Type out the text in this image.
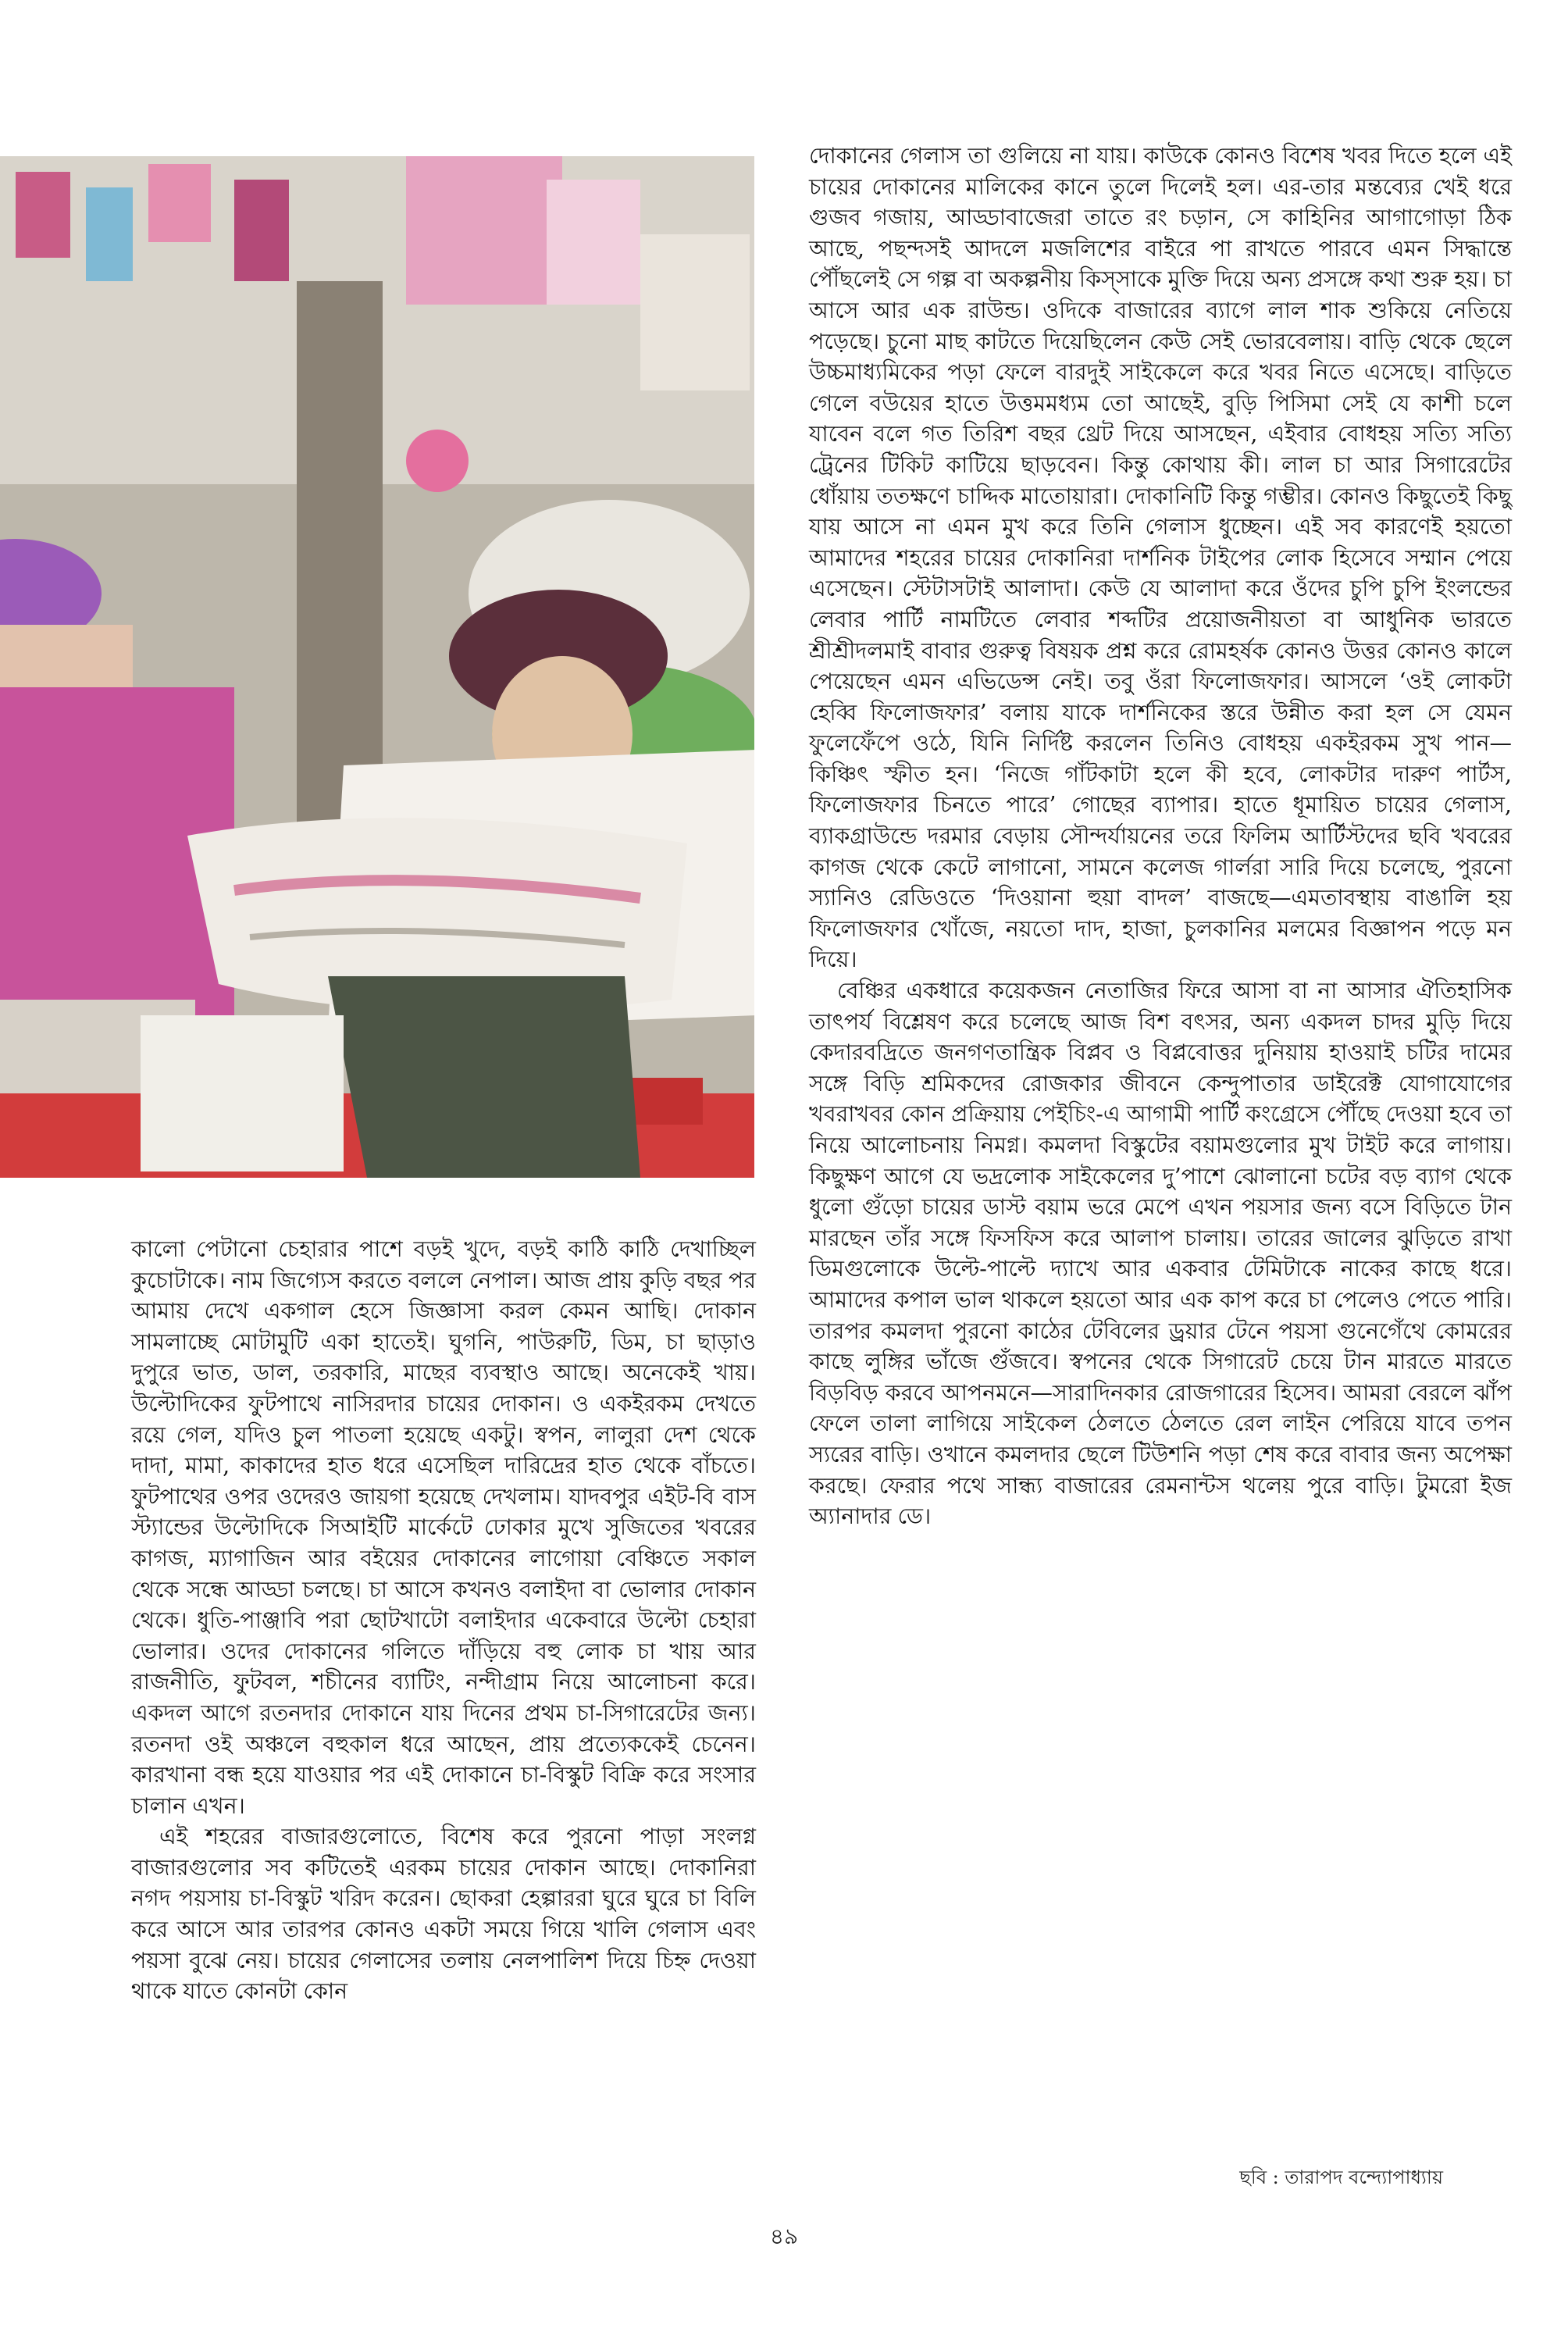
দোকানের গেলাস তা গুলিয়ে না যায়। কাউকে কোনও বিশেষ খবর দিতে হলে এই চায়ের দোকানের মালিকের কানে তুলে দিলেই হল। এর-তার মন্তব্যের খেই ধরে গুজব গজায়, আড্ডাবাজেরা তাতে রং চড়ান, সে কাহিনির আগাগোড়া ঠিক আছে, পছন্দসই আদলে মজলিশের বাইরে পা রাখতে পারবে এমন সিদ্ধান্তে পৌঁছলেই সে গল্প বা অকল্পনীয় কিস্‌সাকে মুক্তি দিয়ে অন্য প্রসঙ্গে কথা শুরু হয়। চা আসে আর এক রাউন্ড। ওদিকে বাজারের ব্যাগে লাল শাক শুকিয়ে নেতিয়ে পড়েছে। চুনো মাছ কাটতে দিয়েছিলেন কেউ সেই ভোরবেলায়। বাড়ি থেকে ছেলে উচ্চমাধ্যমিকের পড়া ফেলে বারদুই সাইকেলে করে খবর নিতে এসেছে। বাড়িতে গেলে বউয়ের হাতে উত্তমমধ্যম তো আছেই, বুড়ি পিসিমা সেই যে কাশী চলে যাবেন বলে গত তিরিশ বছর থ্রেট দিয়ে আসছেন, এইবার বোধহয় সত্যি সত্যি ট্রেনের টিকিট কাটিয়ে ছাড়বেন। কিন্তু কোথায় কী। লাল চা আর সিগারেটের ধোঁয়ায় ততক্ষণে চাদ্দিক মাতোয়ারা। দোকানিটি কিন্তু গম্ভীর। কোনও কিছুতেই কিছু যায় আসে না এমন মুখ করে তিনি গেলাস ধুচ্ছেন। এই সব কারণেই হয়তো আমাদের শহরের চায়ের দোকানিরা দার্শনিক টাইপের লোক হিসেবে সম্মান পেয়ে এসেছেন। স্টেটাসটাই আলাদা। কেউ যে আলাদা করে ওঁদের চুপি চুপি ইংলন্ডের লেবার পার্টি নামটিতে লেবার শব্দটির প্রয়োজনীয়তা বা আধুনিক ভারতে শ্রীশ্রীদলমাই বাবার গুরুত্ব বিষয়ক প্রশ্ন করে রোমহর্ষক কোনও উত্তর কোনও কালে পেয়েছেন এমন এভিডেন্স নেই। তবু ওঁরা ফিলোজফার। আসলে ‘ওই লোকটা হেব্বি ফিলোজফার’ বলায় যাকে দার্শনিকের স্তরে উন্নীত করা হল সে যেমন ফুলেফেঁপে ওঠে, যিনি নির্দিষ্ট করলেন তিনিও বোধহয় একইরকম সুখ পান—কিঞ্চিৎ স্ফীত হন। ‘নিজে গাঁটকাটা হলে কী হবে, লোকটার দারুণ পার্টস, ফিলোজফার চিনতে পারে’ গোছের ব্যাপার। হাতে ধূমায়িত চায়ের গেলাস, ব্যাকগ্রাউন্ডে দরমার বেড়ায় সৌন্দর্যায়নের তরে ফিলিম আর্টিস্টদের ছবি খবরের কাগজ থেকে কেটে লাগানো, সামনে কলেজ গার্লরা সারি দিয়ে চলেছে, পুরনো স্যানিও রেডিওতে ‘দিওয়ানা হুয়া বাদল’ বাজছে—এমতাবস্থায় বাঙালি হয় ফিলোজফার খোঁজে, নয়তো দাদ, হাজা, চুলকানির মলমের বিজ্ঞাপন পড়ে মন দিয়ে।

বেঞ্চির একধারে কয়েকজন নেতাজির ফিরে আসা বা না আসার ঐতিহাসিক তাৎপর্য বিশ্লেষণ করে চলেছে আজ বিশ বৎসর, অন্য একদল চাদর মুড়ি দিয়ে কেদারবদ্রিতে জনগণতান্ত্রিক বিপ্লব ও বিপ্লবোত্তর দুনিয়ায় হাওয়াই চটির দামের সঙ্গে বিড়ি শ্রমিকদের রোজকার জীবনে কেন্দুপাতার ডাইরেক্ট যোগাযোগের খবরাখবর কোন প্রক্রিয়ায় পেইচিং-এ আগামী পার্টি কংগ্রেসে পৌঁছে দেওয়া হবে তা নিয়ে আলোচনায় নিমগ্ন। কমলদা বিস্কুটের বয়ামগুলোর মুখ টাইট করে লাগায়। কিছুক্ষণ আগে যে ভদ্রলোক সাইকেলের দু’পাশে ঝোলানো চটের বড় ব্যাগ থেকে ধুলো গুঁড়ো চায়ের ডাস্ট বয়াম ভরে মেপে এখন পয়সার জন্য বসে বিড়িতে টান মারছেন তাঁর সঙ্গে ফিসফিস করে আলাপ চালায়। তারের জালের ঝুড়িতে রাখা ডিমগুলোকে উল্টে-পাল্টে দ্যাখে আর একবার টেমিটাকে নাকের কাছে ধরে। আমাদের কপাল ভাল থাকলে হয়তো আর এক কাপ করে চা পেলেও পেতে পারি। তারপর কমলদা পুরনো কাঠের টেবিলের ড্রয়ার টেনে পয়সা গুনেগেঁথে কোমরের কাছে লুঙ্গির ভাঁজে গুঁজবে। স্বপনের থেকে সিগারেট চেয়ে টান মারতে মারতে বিড়বিড় করবে আপনমনে—সারাদিনকার রোজগারের হিসেব। আমরা বেরলে ঝাঁপ ফেলে তালা লাগিয়ে সাইকেল ঠেলতে ঠেলতে রেল লাইন পেরিয়ে যাবে তপন স্যরের বাড়ি। ওখানে কমলদার ছেলে টিউশনি পড়া শেষ করে বাবার জন্য অপেক্ষা করছে। ফেরার পথে সান্ধ্য বাজারের রেমনান্টস থলেয় পুরে বাড়ি। টুমরো ইজ অ্যানাদার ডে।

কালো পেটানো চেহারার পাশে বড়ই খুদে, বড়ই কাঠি কাঠি দেখাচ্ছিল কুচোটাকে। নাম জিগ্যেস করতে বললে নেপাল। আজ প্রায় কুড়ি বছর পর আমায় দেখে একগাল হেসে জিজ্ঞাসা করল কেমন আছি। দোকান সামলাচ্ছে মোটামুটি একা হাতেই। ঘুগনি, পাউরুটি, ডিম, চা ছাড়াও দুপুরে ভাত, ডাল, তরকারি, মাছের ব্যবস্থাও আছে। অনেকেই খায়। উল্টোদিকের ফুটপাথে নাসিরদার চায়ের দোকান। ও একইরকম দেখতে রয়ে গেল, যদিও চুল পাতলা হয়েছে একটু। স্বপন, লালুরা দেশ থেকে দাদা, মামা, কাকাদের হাত ধরে এসেছিল দারিদ্রের হাত থেকে বাঁচতে। ফুটপাথের ওপর ওদেরও জায়গা হয়েছে দেখলাম। যাদবপুর এইট-বি বাস স্ট্যান্ডের উল্টোদিকে সিআইটি মার্কেটে ঢোকার মুখে সুজিতের খবরের কাগজ, ম্যাগাজিন আর বইয়ের দোকানের লাগোয়া বেঞ্চিতে সকাল থেকে সন্ধে আড্ডা চলছে। চা আসে কখনও বলাইদা বা ভোলার দোকান থেকে। ধুতি-পাঞ্জাবি পরা ছোটখাটো বলাইদার একেবারে উল্টো চেহারা ভোলার। ওদের দোকানের গলিতে দাঁড়িয়ে বহু লোক চা খায় আর রাজনীতি, ফুটবল, শচীনের ব্যাটিং, নন্দীগ্রাম নিয়ে আলোচনা করে। একদল আগে রতনদার দোকানে যায় দিনের প্রথম চা-সিগারেটের জন্য। রতনদা ওই অঞ্চলে বহুকাল ধরে আছেন, প্রায় প্রত্যেককেই চেনেন। কারখানা বন্ধ হয়ে যাওয়ার পর এই দোকানে চা-বিস্কুট বিক্রি করে সংসার চালান এখন।

এই শহরের বাজারগুলোতে, বিশেষ করে পুরনো পাড়া সংলগ্ন বাজারগুলোর সব কটিতেই এরকম চায়ের দোকান আছে। দোকানিরা নগদ পয়সায় চা-বিস্কুট খরিদ করেন। ছোকরা হেল্পাররা ঘুরে ঘুরে চা বিলি করে আসে আর তারপর কোনও একটা সময়ে গিয়ে খালি গেলাস এবং পয়সা বুঝে নেয়। চায়ের গেলাসের তলায় নেলপালিশ দিয়ে চিহ্ন দেওয়া থাকে যাতে কোনটা কোন

ছবি : তারাপদ বন্দ্যোপাধ্যায়
৪৯
